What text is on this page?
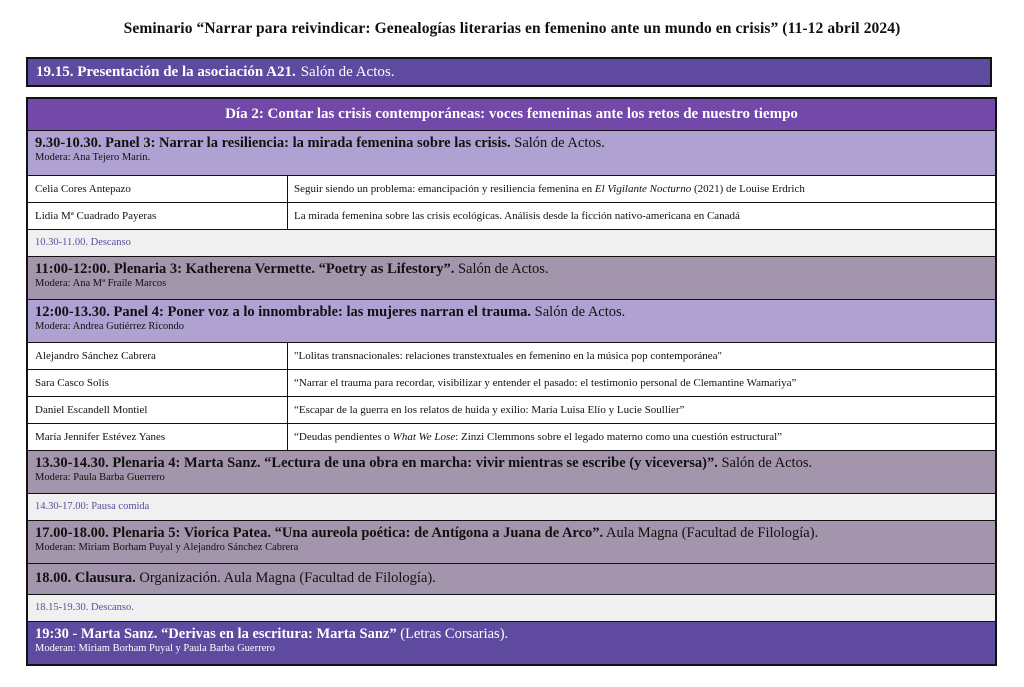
Seminario “Narrar para reivindicar: Genealogías literarias en femenino ante un mundo en crisis” (11-12 abril 2024)
19.15. Presentación de la asociación A21. Salón de Actos.
Día 2: Contar las crisis contemporáneas: voces femeninas ante los retos de nuestro tiempo
9.30-10.30. Panel 3: Narrar la resiliencia: la mirada femenina sobre las crisis. Salón de Actos.
Modera: Ana Tejero Marín.
Celia Cores Antepazo	Seguir siendo un problema: emancipación y resiliencia femenina en El Vigilante Nocturno (2021) de Louise Erdrich
Lidia Mª Cuadrado Payeras	La mirada femenina sobre las crisis ecológicas. Análisis desde la ficción nativo-americana en Canadá
10.30-11.00. Descanso
11:00-12:00. Plenaria 3: Katherena Vermette. “Poetry as Lifestory”. Salón de Actos.
Modera: Ana Mª Fraile Marcos
12:00-13.30. Panel 4: Poner voz a lo innombrable: las mujeres narran el trauma. Salón de Actos.
Modera: Andrea Gutiérrez Ricondo
Alejandro Sánchez Cabrera	"Lolitas transnacionales: relaciones transtextuales en femenino en la música pop contemporánea"
Sara Casco Solís	“Narrar el trauma para recordar, visibilizar y entender el pasado: el testimonio personal de Clemantine Wamariya”
Daniel Escandell Montiel	“Escapar de la guerra en los relatos de huida y exilio: María Luisa Elío y Lucie Soullier”
María Jennifer Estévez Yanes	“Deudas pendientes o What We Lose: Zinzi Clemmons sobre el legado materno como una cuestión estructural”
13.30-14.30. Plenaria 4: Marta Sanz. “Lectura de una obra en marcha: vivir mientras se escribe (y viceversa)”. Salón de Actos.
Modera: Paula Barba Guerrero
14.30-17.00: Pausa comida
17.00-18.00. Plenaria 5: Viorica Patea. “Una aureola poética: de Antígona a Juana de Arco”. Aula Magna (Facultad de Filología).
Moderan: Miriam Borham Puyal y Alejandro Sánchez Cabrera
18.00. Clausura. Organización. Aula Magna (Facultad de Filología).
18.15-19.30. Descanso.
19:30 - Marta Sanz. “Derivas en la escritura: Marta Sanz” (Letras Corsarias).
Moderan: Miriam Borham Puyal y Paula Barba Guerrero
